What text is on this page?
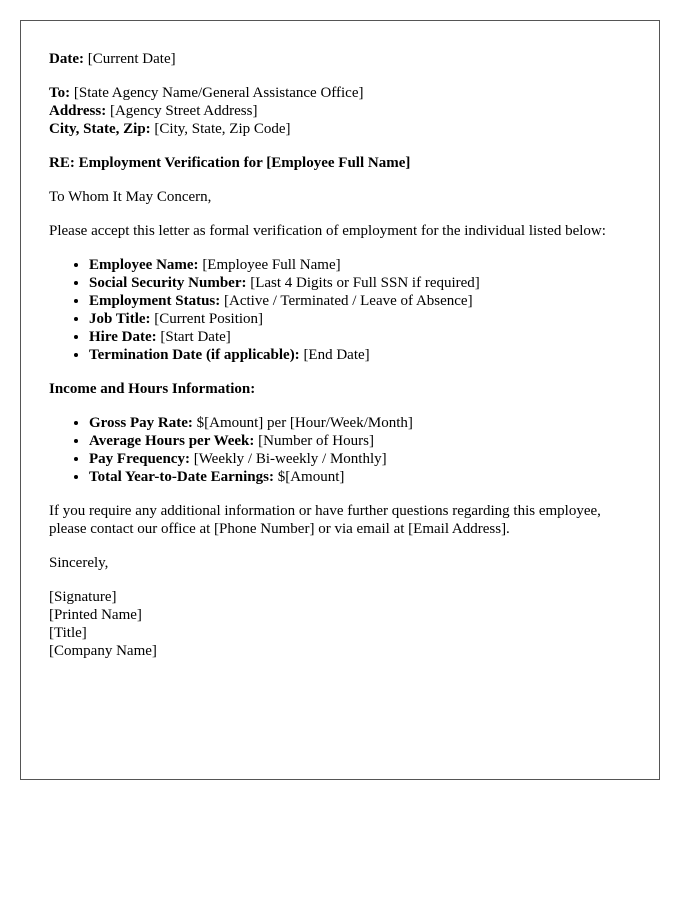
Date: [Current Date]

To: [State Agency Name/General Assistance Office]
Address: [Agency Street Address]
City, State, Zip: [City, State, Zip Code]

RE: Employment Verification for [Employee Full Name]

To Whom It May Concern,

Please accept this letter as formal verification of employment for the individual listed below:

• Employee Name: [Employee Full Name]
• Social Security Number: [Last 4 Digits or Full SSN if required]
• Employment Status: [Active / Terminated / Leave of Absence]
• Job Title: [Current Position]
• Hire Date: [Start Date]
• Termination Date (if applicable): [End Date]

Income and Hours Information:

• Gross Pay Rate: $[Amount] per [Hour/Week/Month]
• Average Hours per Week: [Number of Hours]
• Pay Frequency: [Weekly / Bi-weekly / Monthly]
• Total Year-to-Date Earnings: $[Amount]

If you require any additional information or have further questions regarding this employee, please contact our office at [Phone Number] or via email at [Email Address].

Sincerely,

[Signature]
[Printed Name]
[Title]
[Company Name]
